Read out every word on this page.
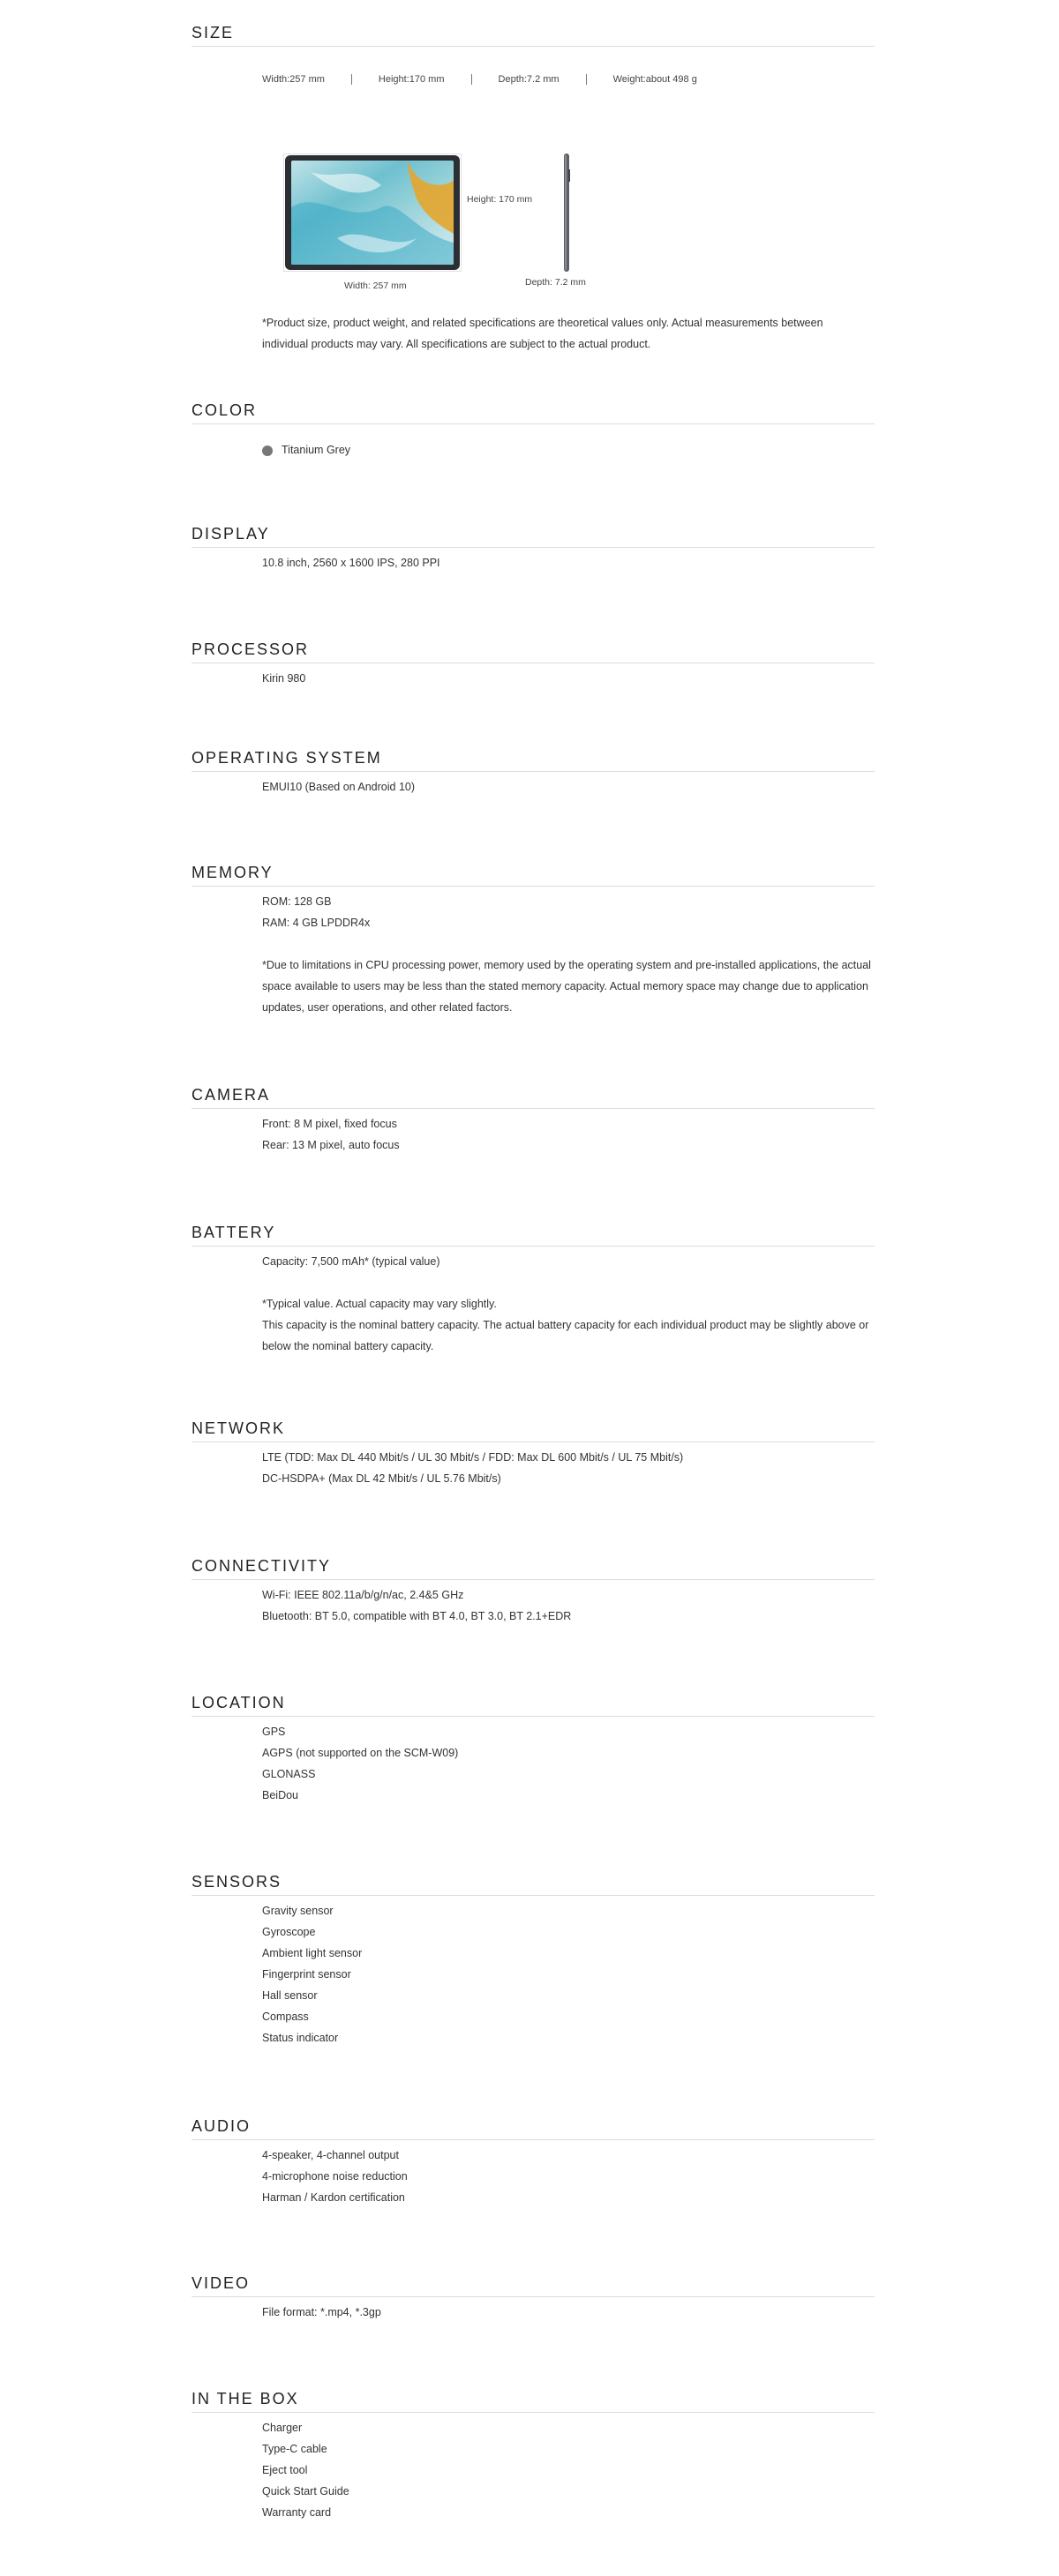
SIZE
Width:257 mm	Height:170 mm	Depth:7.2 mm	Weight:about 498 g
Width: 257 mm
Height: 170 mm
Depth: 7.2 mm
*Product size, product weight, and related specifications are theoretical values only. Actual measurements between individual products may vary. All specifications are subject to the actual product.
COLOR
Titanium Grey
DISPLAY
10.8 inch, 2560 x 1600 IPS, 280 PPI
PROCESSOR
Kirin 980
OPERATING SYSTEM
EMUI10 (Based on Android 10)
MEMORY
ROM: 128 GB
RAM: 4 GB LPDDR4x
*Due to limitations in CPU processing power, memory used by the operating system and pre-installed applications, the actual space available to users may be less than the stated memory capacity. Actual memory space may change due to application updates, user operations, and other related factors.
CAMERA
Front: 8 M pixel, fixed focus
Rear: 13 M pixel, auto focus
BATTERY
Capacity: 7,500 mAh* (typical value)
*Typical value. Actual capacity may vary slightly.
This capacity is the nominal battery capacity. The actual battery capacity for each individual product may be slightly above or below the nominal battery capacity.
NETWORK
LTE (TDD: Max DL 440 Mbit/s / UL 30 Mbit/s / FDD: Max DL 600 Mbit/s / UL 75 Mbit/s)
DC-HSDPA+ (Max DL 42 Mbit/s / UL 5.76 Mbit/s)
CONNECTIVITY
Wi-Fi: IEEE 802.11a/b/g/n/ac, 2.4&5 GHz
Bluetooth: BT 5.0, compatible with BT 4.0, BT 3.0, BT 2.1+EDR
LOCATION
GPS
AGPS (not supported on the SCM-W09)
GLONASS
BeiDou
SENSORS
Gravity sensor
Gyroscope
Ambient light sensor
Fingerprint sensor
Hall sensor
Compass
Status indicator
AUDIO
4-speaker, 4-channel output
4-microphone noise reduction
Harman / Kardon certification
VIDEO
File format: *.mp4, *.3gp
IN THE BOX
Charger
Type-C cable
Eject tool
Quick Start Guide
Warranty card
